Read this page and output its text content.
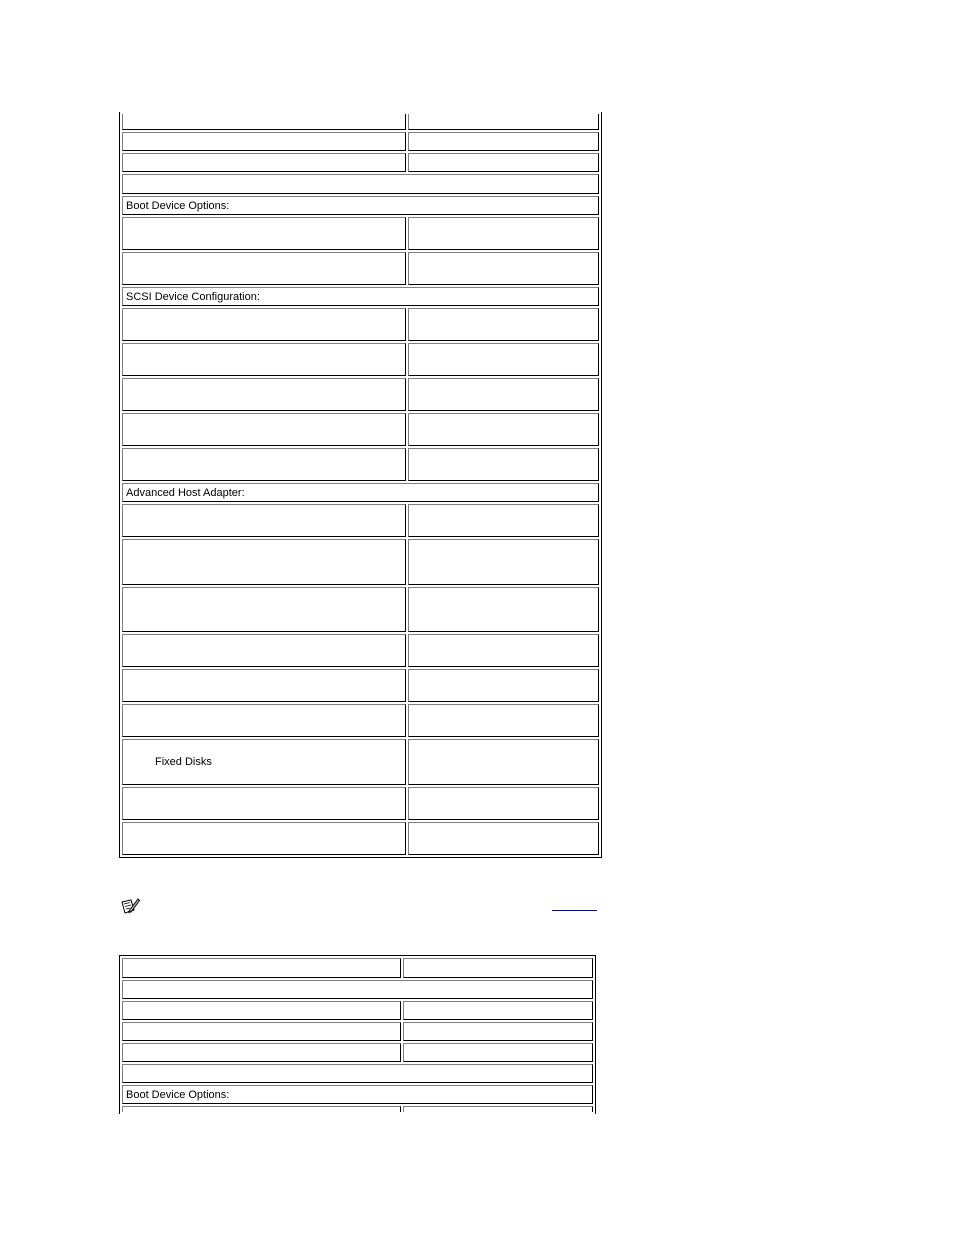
Boot Device Options:	

SCSI Device Configuration:	

Advanced Host Adapter:	

Fixed Disks	

Boot Device Options:	
